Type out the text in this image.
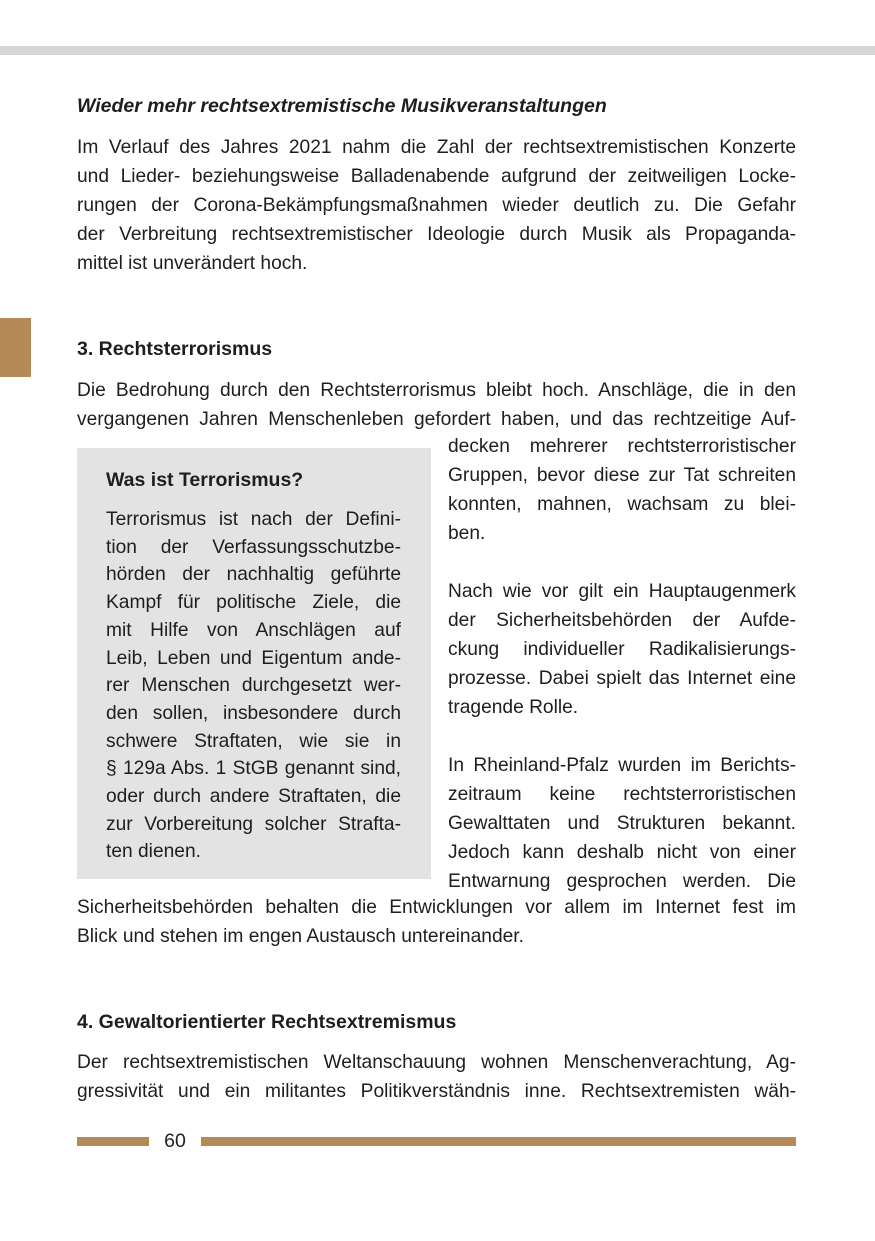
Wieder mehr rechtsextremistische Musikveranstaltungen
Im Verlauf des Jahres 2021 nahm die Zahl der rechtsextremistischen Konzerte
und Lieder- beziehungsweise Balladenabende aufgrund der zeitweiligen Locke-
rungen der Corona-Bekämpfungsmaßnahmen wieder deutlich zu. Die Gefahr
der Verbreitung rechtsextremistischer Ideologie durch Musik als Propaganda-
mittel ist unverändert hoch.
3. Rechtsterrorismus
Die Bedrohung durch den Rechtsterrorismus bleibt hoch. Anschläge, die in den
vergangenen Jahren Menschenleben gefordert haben, und das rechtzeitige Auf-
Was ist Terrorismus?
Terrorismus ist nach der Defini-
tion der Verfassungsschutzbe-
hörden der nachhaltig geführte
Kampf für politische Ziele, die
mit Hilfe von Anschlägen auf
Leib, Leben und Eigentum ande-
rer Menschen durchgesetzt wer-
den sollen, insbesondere durch
schwere Straftaten, wie sie in
§ 129a Abs. 1 StGB genannt sind,
oder durch andere Straftaten, die
zur Vorbereitung solcher Strafta-
ten dienen.
decken mehrerer rechtsterroristischer
Gruppen, bevor diese zur Tat schreiten
konnten, mahnen, wachsam zu blei-
ben.

Nach wie vor gilt ein Hauptaugenmerk
der Sicherheitsbehörden der Aufde-
ckung individueller Radikalisierungs-
prozesse. Dabei spielt das Internet eine
tragende Rolle.

In Rheinland-Pfalz wurden im Berichts-
zeitraum keine rechtsterroristischen
Gewalttaten und Strukturen bekannt.
Jedoch kann deshalb nicht von einer
Entwarnung gesprochen werden. Die
Sicherheitsbehörden behalten die Entwicklungen vor allem im Internet fest im
Blick und stehen im engen Austausch untereinander.
4. Gewaltorientierter Rechtsextremismus
Der rechtsextremistischen Weltanschauung wohnen Menschenverachtung, Ag-
gressivität und ein militantes Politikverständnis inne. Rechtsextremisten wäh-
60
